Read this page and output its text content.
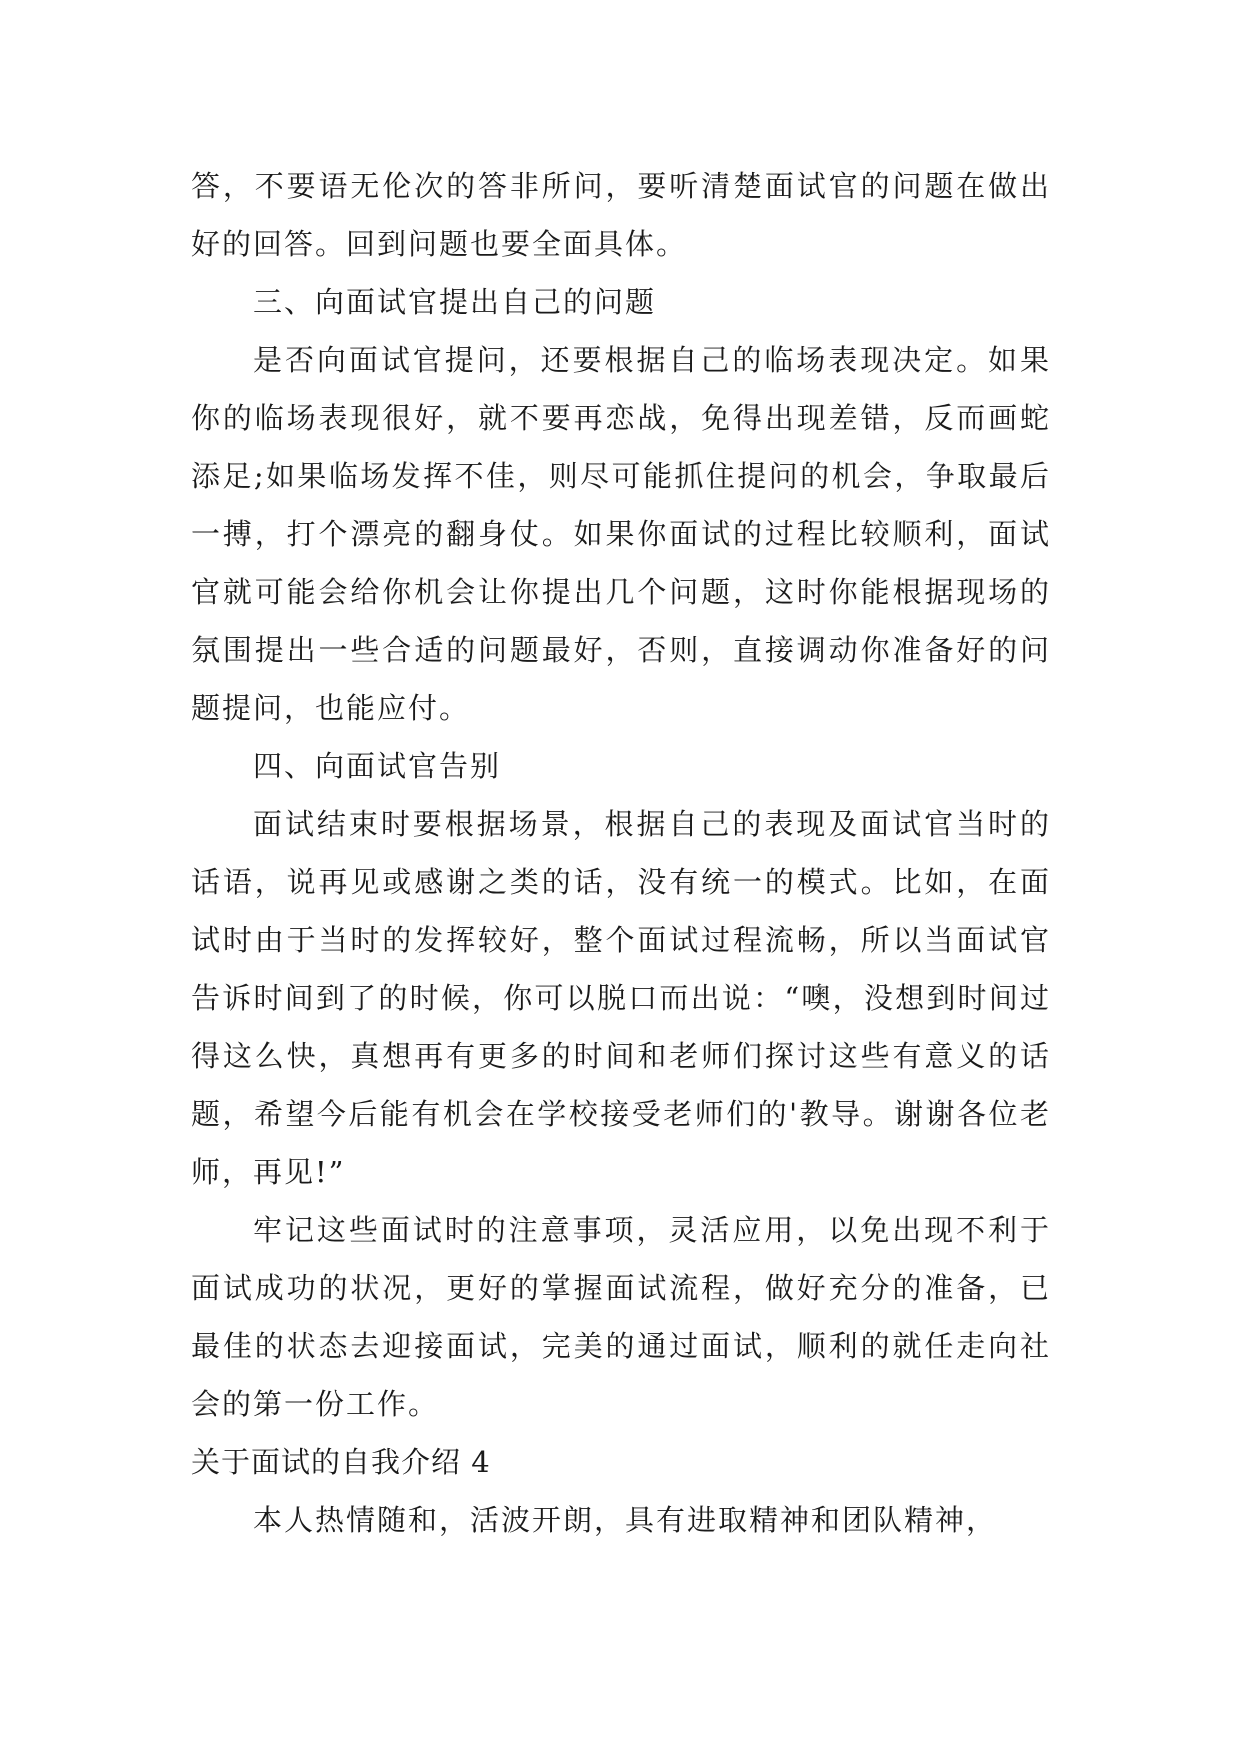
答，不要语无伦次的答非所问，要听清楚面试官的问题在做出好的回答。回到问题也要全面具体。

三、向面试官提出自己的问题

是否向面试官提问，还要根据自己的临场表现决定。如果你的临场表现很好，就不要再恋战，免得出现差错，反而画蛇添足;如果临场发挥不佳，则尽可能抓住提问的机会，争取最后一搏，打个漂亮的翻身仗。如果你面试的过程比较顺利，面试官就可能会给你机会让你提出几个问题，这时你能根据现场的氛围提出一些合适的问题最好，否则，直接调动你准备好的问题提问，也能应付。

四、向面试官告别

面试结束时要根据场景，根据自己的表现及面试官当时的话语，说再见或感谢之类的话，没有统一的模式。比如，在面试时由于当时的发挥较好，整个面试过程流畅，所以当面试官告诉时间到了的时候，你可以脱口而出说：“噢，没想到时间过得这么快，真想再有更多的时间和老师们探讨这些有意义的话题，希望今后能有机会在学校接受老师们的'教导。谢谢各位老师，再见!”

牢记这些面试时的注意事项，灵活应用，以免出现不利于面试成功的状况，更好的掌握面试流程，做好充分的准备，已最佳的状态去迎接面试，完美的通过面试，顺利的就任走向社会的第一份工作。

关于面试的自我介绍 4

本人热情随和，活波开朗，具有进取精神和团队精神，
